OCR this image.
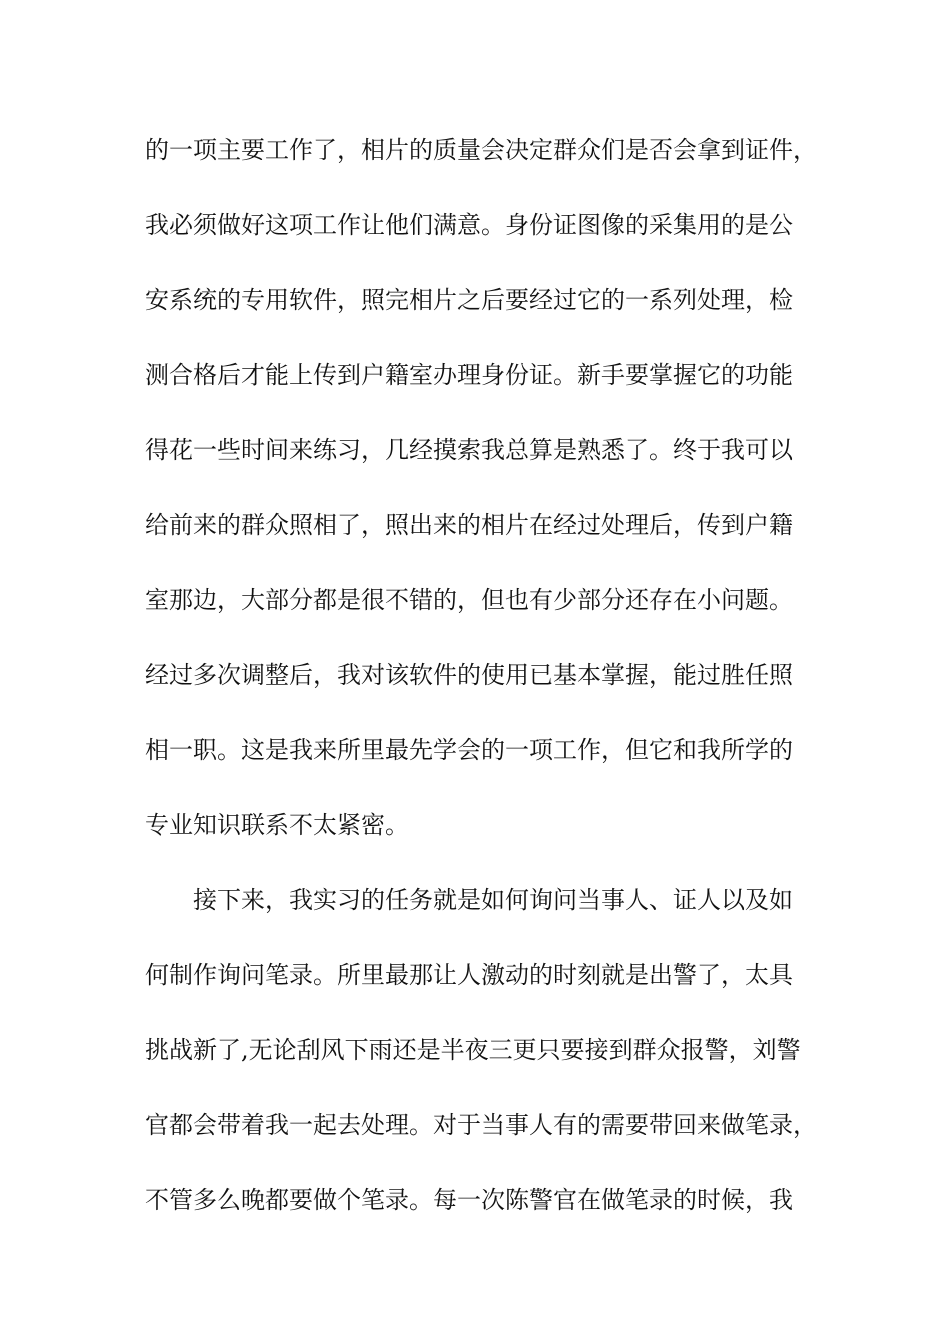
的一项主要工作了，相片的质量会决定群众们是否会拿到证件，
我必须做好这项工作让他们满意。身份证图像的采集用的是公
安系统的专用软件，照完相片之后要经过它的一系列处理，检
测合格后才能上传到户籍室办理身份证。新手要掌握它的功能
得花一些时间来练习，几经摸索我总算是熟悉了。终于我可以
给前来的群众照相了，照出来的相片在经过处理后，传到户籍
室那边，大部分都是很不错的，但也有少部分还存在小问题。
经过多次调整后，我对该软件的使用已基本掌握，能过胜任照
相一职。这是我来所里最先学会的一项工作，但它和我所学的
专业知识联系不太紧密。
接下来，我实习的任务就是如何询问当事人、证人以及如
何制作询问笔录。所里最那让人激动的时刻就是出警了，太具
挑战新了,无论刮风下雨还是半夜三更只要接到群众报警，刘警
官都会带着我一起去处理。对于当事人有的需要带回来做笔录，
不管多么晚都要做个笔录。每一次陈警官在做笔录的时候，我
